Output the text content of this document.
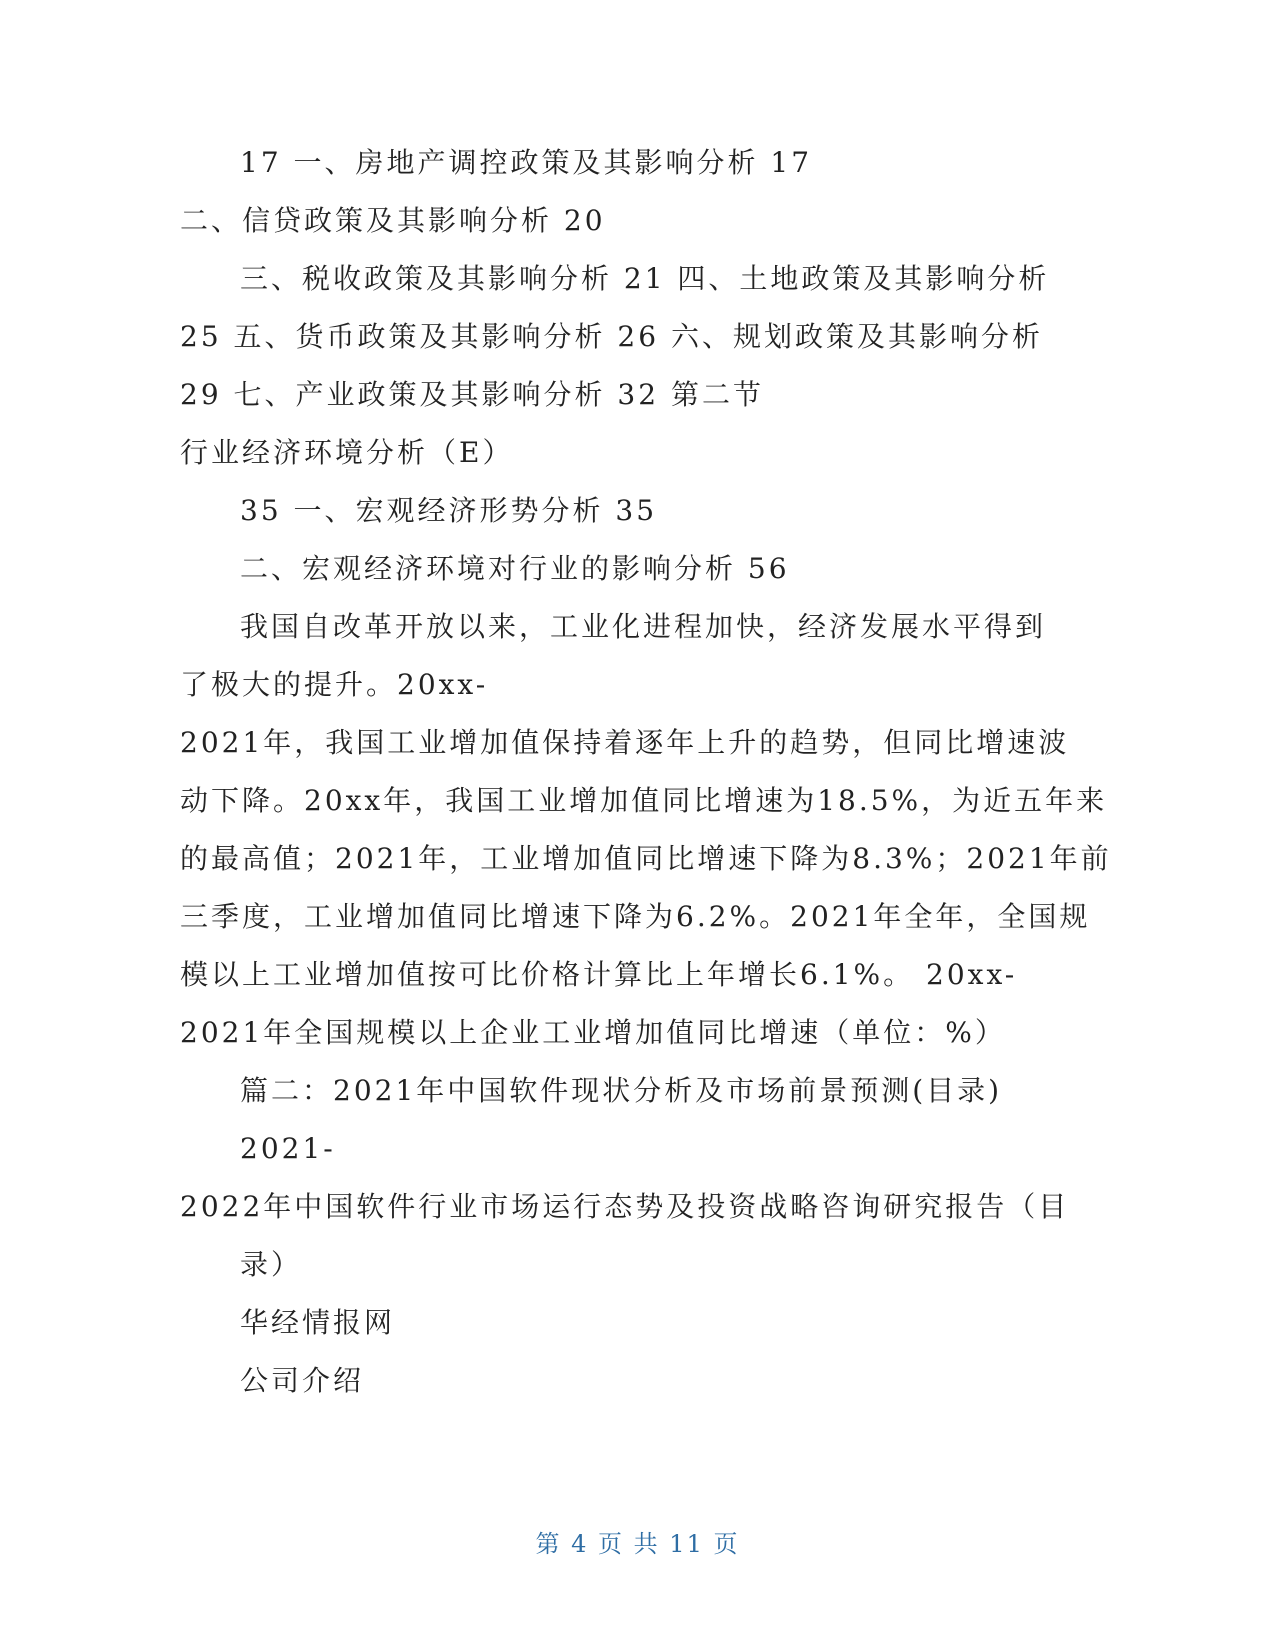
17 一、房地产调控政策及其影响分析 17
二、信贷政策及其影响分析 20
三、税收政策及其影响分析 21 四、土地政策及其影响分析
25 五、货币政策及其影响分析 26 六、规划政策及其影响分析
29 七、产业政策及其影响分析 32 第二节
行业经济环境分析（E）
35 一、宏观经济形势分析 35
二、宏观经济环境对行业的影响分析 56
我国自改革开放以来，工业化进程加快，经济发展水平得到
了极大的提升。20xx-
2021年，我国工业增加值保持着逐年上升的趋势，但同比增速波
动下降。20xx年，我国工业增加值同比增速为18.5%，为近五年来
的最高值；2021年，工业增加值同比增速下降为8.3%；2021年前
三季度，工业增加值同比增速下降为6.2%。2021年全年，全国规
模以上工业增加值按可比价格计算比上年增长6.1%。 20xx-
2021年全国规模以上企业工业增加值同比增速（单位：%）
篇二：2021年中国软件现状分析及市场前景预测(目录)
2021-
2022年中国软件行业市场运行态势及投资战略咨询研究报告（目
录）
华经情报网
公司介绍
第 4 页 共 11 页
